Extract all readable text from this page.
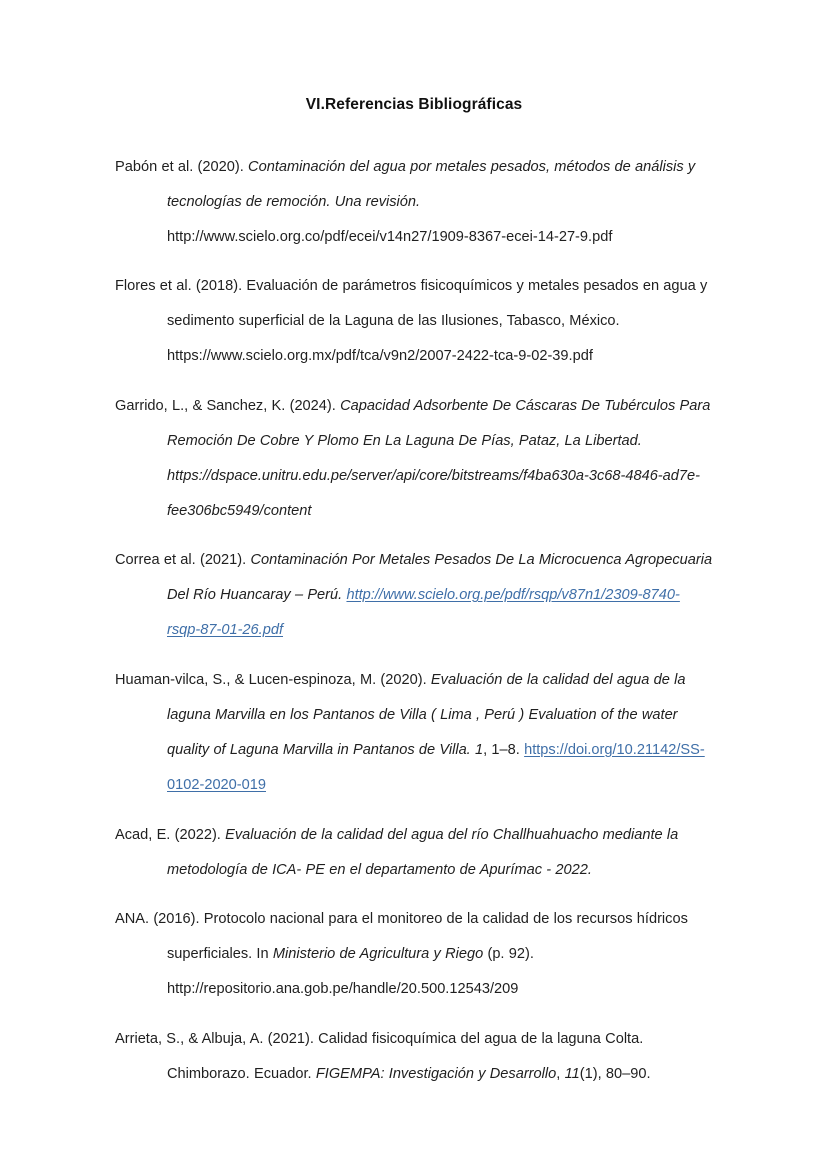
VI.Referencias Bibliográficas

Pabón et al. (2020). Contaminación del agua por metales pesados, métodos de análisis y tecnologías de remoción. Una revisión. http://www.scielo.org.co/pdf/ecei/v14n27/1909-8367-ecei-14-27-9.pdf

Flores et al. (2018). Evaluación de parámetros fisicoquímicos y metales pesados en agua y sedimento superficial de la Laguna de las Ilusiones, Tabasco, México. https://www.scielo.org.mx/pdf/tca/v9n2/2007-2422-tca-9-02-39.pdf

Garrido, L., & Sanchez, K. (2024). Capacidad Adsorbente De Cáscaras De Tubérculos Para Remoción De Cobre Y Plomo En La Laguna De Pías, Pataz, La Libertad. https://dspace.unitru.edu.pe/server/api/core/bitstreams/f4ba630a-3c68-4846-ad7e-fee306bc5949/content

Correa et al. (2021). Contaminación Por Metales Pesados De La Microcuenca Agropecuaria Del Río Huancaray – Perú. http://www.scielo.org.pe/pdf/rsqp/v87n1/2309-8740-rsqp-87-01-26.pdf

Huaman-vilca, S., & Lucen-espinoza, M. (2020). Evaluación de la calidad del agua de la laguna Marvilla en los Pantanos de Villa ( Lima , Perú ) Evaluation of the water quality of Laguna Marvilla in Pantanos de Villa. 1, 1–8. https://doi.org/10.21142/SS-0102-2020-019

Acad, E. (2022). Evaluación de la calidad del agua del río Challhuahuacho mediante la metodología de ICA- PE en el departamento de Apurímac - 2022.

ANA. (2016). Protocolo nacional para el monitoreo de la calidad de los recursos hídricos superficiales. In Ministerio de Agricultura y Riego (p. 92). http://repositorio.ana.gob.pe/handle/20.500.12543/209

Arrieta, S., & Albuja, A. (2021). Calidad fisicoquímica del agua de la laguna Colta. Chimborazo. Ecuador. FIGEMPA: Investigación y Desarrollo, 11(1), 80–90.
